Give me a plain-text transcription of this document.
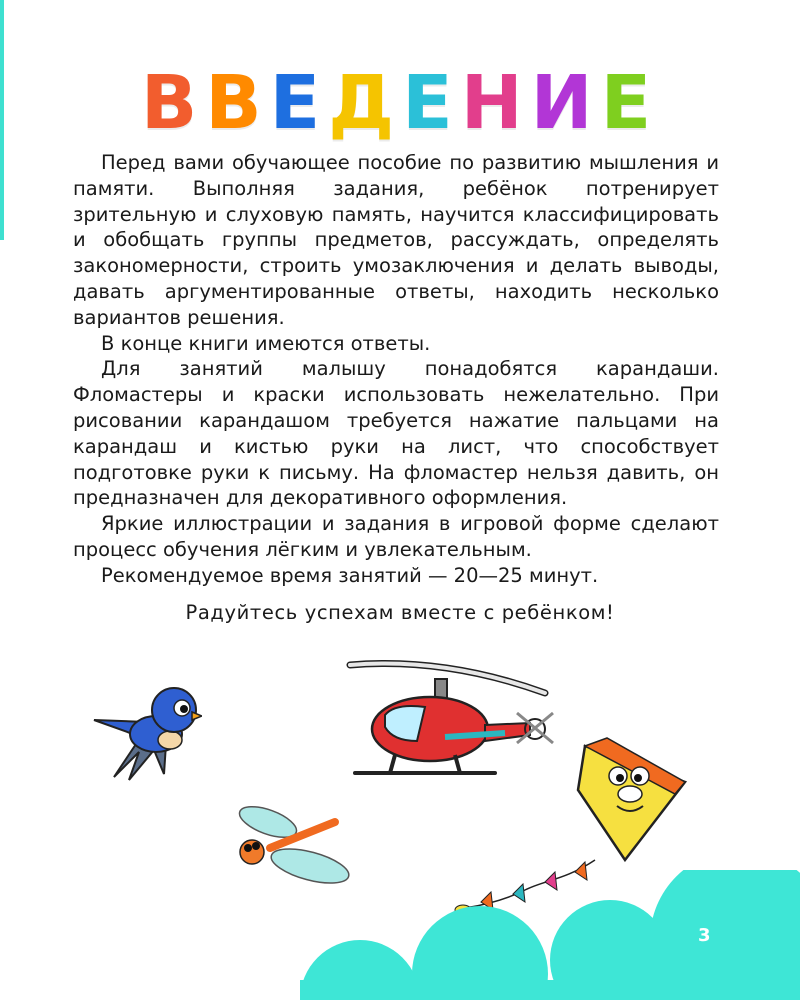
ВВЕДЕНИЕ

Перед вами обучающее пособие по развитию мышления и памяти. Выполняя задания, ребёнок потренирует зрительную и слуховую память, научится классифицировать и обобщать группы предметов, рассуждать, определять закономерности, строить умозаключения и делать выводы, давать аргументированные ответы, находить несколько вариантов решения.

В конце книги имеются ответы.

Для занятий малышу понадобятся карандаши. Фломастеры и краски использовать нежелательно. При рисовании карандашом требуется нажатие пальцами на карандаш и кистью руки на лист, что способствует подготовке руки к письму. На фломастер нельзя давить, он предназначен для декоративного оформления.

Яркие иллюстрации и задания в игровой форме сделают процесс обучения лёгким и увлекательным.

Рекомендуемое время занятий — 20—25 минут.

Радуйтесь успехам вместе с ребёнком!
3
